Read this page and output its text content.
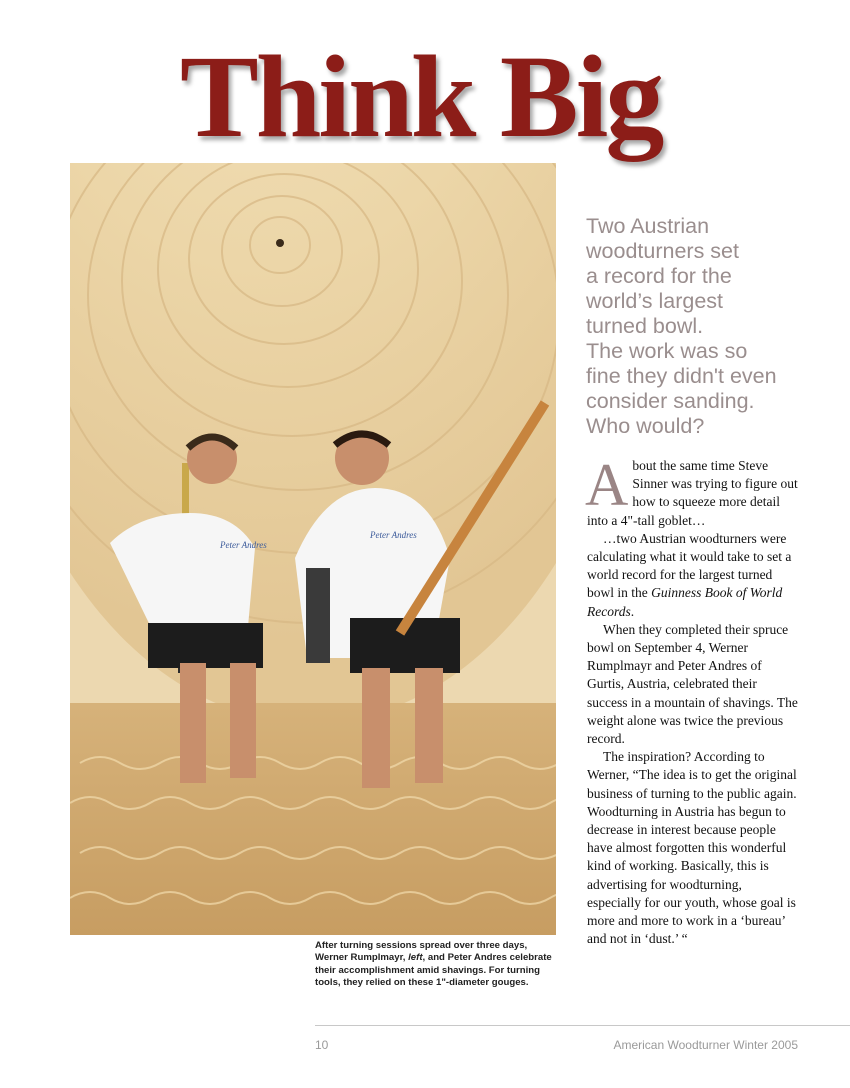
Think Big
Peter Andres
Peter Andres

After turning sessions spread over three days, Werner Rumplmayr, left, and Peter Andres celebrate their accomplishment amid shavings. For turning tools, they relied on these 1"-diameter gouges.

Two Austrian

woodturners set

a record for the

world’s largest

turned bowl.

The work was so

fine they didn't even

consider sanding.

Who would?

About the same time Steve Sinner was trying to figure out how to squeeze more detail into a 4"-tall goblet…

…two Austrian woodturners were calculating what it would take to set a world record for the largest turned bowl in the Guinness Book of World Records.

When they completed their spruce bowl on September 4, Werner Rumplmayr and Peter Andres of Gurtis, Austria, celebrated their success in a mountain of shavings. The weight alone was twice the previous record.

The inspiration? According to Werner, “The idea is to get the original business of turning to the public again. Woodturning in Austria has begun to decrease in interest because people have almost forgotten this wonderful kind of working. Basically, this is advertising for woodturning, especially for our youth, whose goal is more and more to work in a ‘bureau’ and not in ‘dust.’ “

10	American Woodturner Winter 2005
